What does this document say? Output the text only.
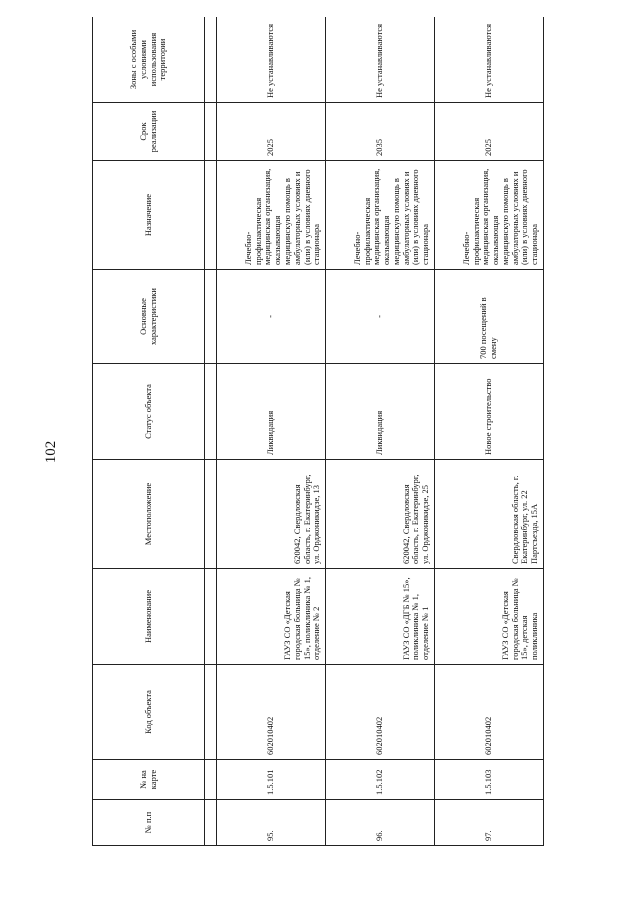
102
№ п.п	№ на карте	Код объекта	Наименование	Местоположение	Статус объекта	Основные характеристики	Назначение	Срок реализации	Зоны с особыми условиями использования территории

95.	1.5.101	602010402	ГАУЗ СО «Детская городская больница № 15», поликлиника № 1, отделение № 2	620042, Свердловская область, г. Екатеринбург, ул. Орджоникидзе, 13	Ликвидация	-	Лечебно-профилактическая медицинская организация, оказывающая медицинскую помощь в амбулаторных условиях и (или) в условиях дневного стационара	2025	Не устанавливаются
96.	1.5.102	602010402	ГАУЗ СО «ДГБ № 15», поликлиника № 1, отделение № 1	620042, Свердловская область, г. Екатеринбург, ул. Орджоникидзе, 25	Ликвидация	-	Лечебно-профилактическая медицинская организация, оказывающая медицинскую помощь в амбулаторных условиях и (или) в условиях дневного стационара	2035	Не устанавливаются
97.	1.5.103	602010402	ГАУЗ СО «Детская городская больница № 15», детская поликлиника	Свердловская область, г. Екатеринбург, ул. 22 Партсъезда, 15А	Новое строительство	700 посещений в смену	Лечебно-профилактическая медицинская организация, оказывающая медицинскую помощь в амбулаторных условиях и (или) в условиях дневного стационара	2025	Не устанавливаются
